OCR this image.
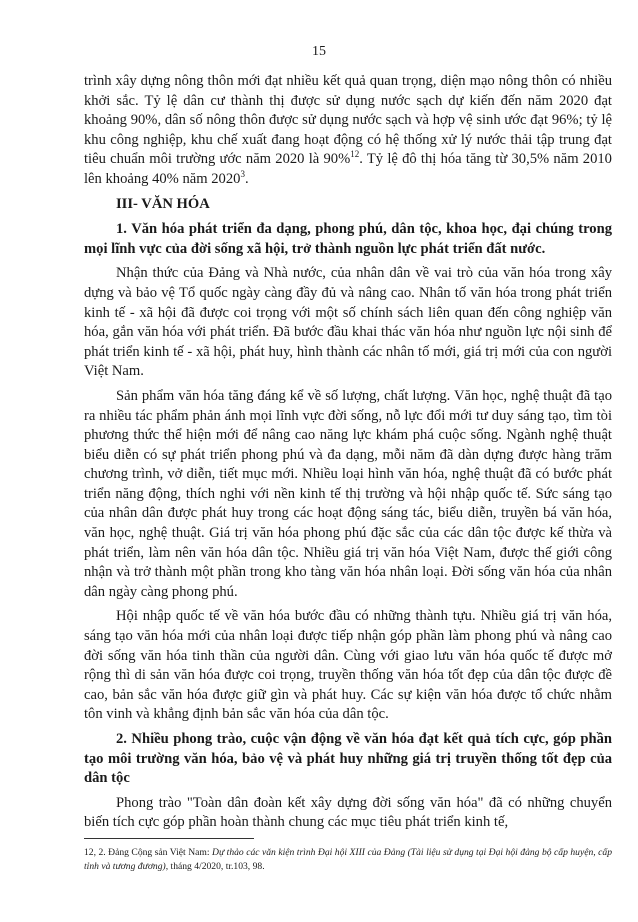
15

trình xây dựng nông thôn mới đạt nhiều kết quả quan trọng, diện mạo nông thôn có nhiều khởi sắc. Tỷ lệ dân cư thành thị được sử dụng nước sạch dự kiến đến năm 2020 đạt khoảng 90%, dân số nông thôn được sử dụng nước sạch và hợp vệ sinh ước đạt 96%; tỷ lệ khu công nghiệp, khu chế xuất đang hoạt động có hệ thống xử lý nước thải tập trung đạt tiêu chuẩn môi trường ước năm 2020 là 90%$^{12}$. Tỷ lệ đô thị hóa tăng từ 30,5% năm 2010 lên khoảng 40% năm 2020$^3$.

III- VĂN HÓA
1. Văn hóa phát triển đa dạng, phong phú, dân tộc, khoa học, đại chúng trong mọi lĩnh vực của đời sống xã hội, trở thành nguồn lực phát triển đất nước.

Nhận thức của Đảng và Nhà nước, của nhân dân về vai trò của văn hóa trong xây dựng và bảo vệ Tổ quốc ngày càng đầy đủ và nâng cao. Nhân tố văn hóa trong phát triển kinh tế - xã hội đã được coi trọng với một số chính sách liên quan đến công nghiệp văn hóa, gắn văn hóa với phát triển. Đã bước đầu khai thác văn hóa như nguồn lực nội sinh để phát triển kinh tế - xã hội, phát huy, hình thành các nhân tố mới, giá trị mới của con người Việt Nam.

Sản phẩm văn hóa tăng đáng kể về số lượng, chất lượng. Văn học, nghệ thuật đã tạo ra nhiều tác phẩm phản ánh mọi lĩnh vực đời sống, nỗ lực đổi mới tư duy sáng tạo, tìm tòi phương thức thể hiện mới để nâng cao năng lực khám phá cuộc sống. Ngành nghệ thuật biểu diễn có sự phát triển phong phú và đa dạng, mỗi năm đã dàn dựng được hàng trăm chương trình, vở diễn, tiết mục mới. Nhiều loại hình văn hóa, nghệ thuật đã có bước phát triển năng động, thích nghi với nền kinh tế thị trường và hội nhập quốc tế. Sức sáng tạo của nhân dân được phát huy trong các hoạt động sáng tác, biểu diễn, truyền bá văn hóa, văn học, nghệ thuật. Giá trị văn hóa phong phú đặc sắc của các dân tộc được kế thừa và phát triển, làm nên văn hóa dân tộc. Nhiều giá trị văn hóa Việt Nam, được thế giới công nhận và trở thành một phần trong kho tàng văn hóa nhân loại. Đời sống văn hóa của nhân dân ngày càng phong phú.

Hội nhập quốc tế về văn hóa bước đầu có những thành tựu. Nhiều giá trị văn hóa, sáng tạo văn hóa mới của nhân loại được tiếp nhận góp phần làm phong phú và nâng cao đời sống văn hóa tinh thần của người dân. Cùng với giao lưu văn hóa quốc tế được mở rộng thì di sản văn hóa được coi trọng, truyền thống văn hóa tốt đẹp của dân tộc được đề cao, bản sắc văn hóa được giữ gìn và phát huy. Các sự kiện văn hóa được tổ chức nhằm tôn vinh và khẳng định bản sắc văn hóa của dân tộc.

2. Nhiều phong trào, cuộc vận động về văn hóa đạt kết quả tích cực, góp phần tạo môi trường văn hóa, bảo vệ và phát huy những giá trị truyền thống tốt đẹp của dân tộc

Phong trào "Toàn dân đoàn kết xây dựng đời sống văn hóa" đã có những chuyển biến tích cực góp phần hoàn thành chung các mục tiêu phát triển kinh tế,

12, 2. Đảng Cộng sản Việt Nam: Dự thảo các văn kiện trình Đại hội XIII của Đảng (Tài liệu sử dụng tại Đại hội đảng bộ cấp huyện, cấp tỉnh và tương đương), tháng 4/2020, tr.103, 98.
